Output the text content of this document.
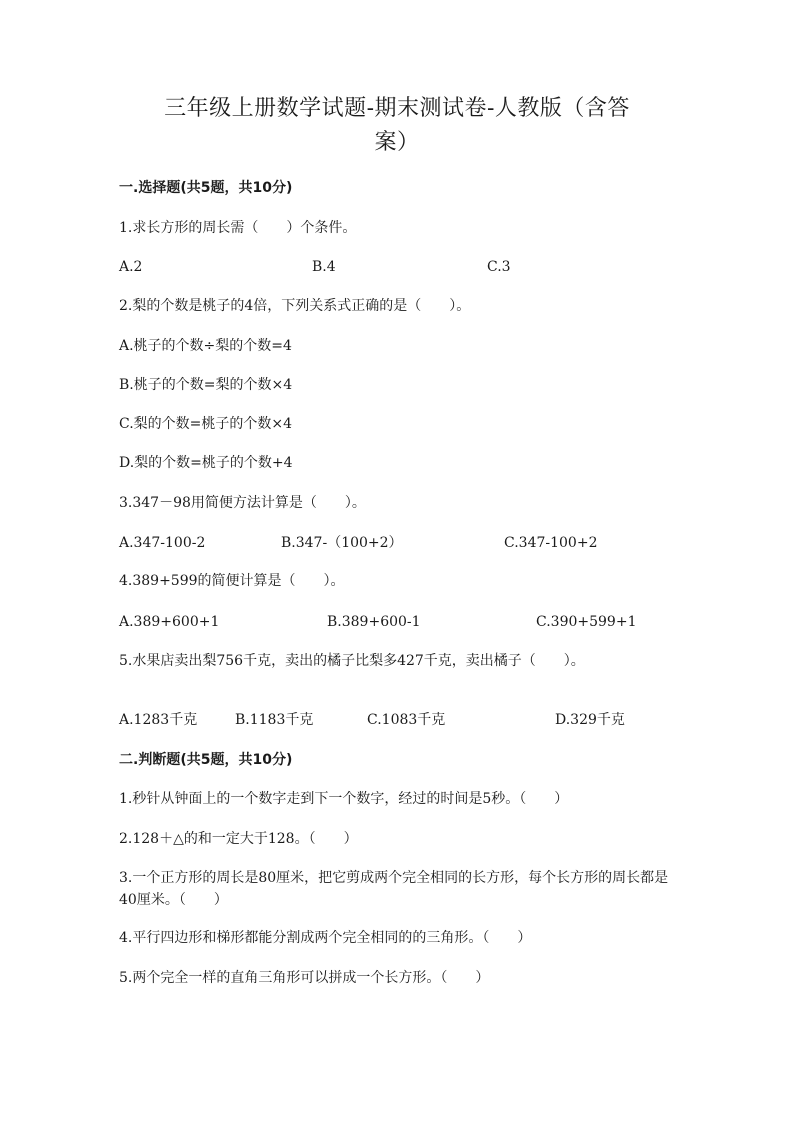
三年级上册数学试题-期末测试卷-人教版（含答
案）
一.选择题(共5题，共10分)
1.求长方形的周长需（　　）个条件。
A.2	B.4	C.3
2.梨的个数是桃子的4倍，下列关系式正确的是（　　）。
A.桃子的个数÷梨的个数=4
B.桃子的个数=梨的个数×4
C.梨的个数=桃子的个数×4
D.梨的个数=桃子的个数+4
3.347－98用简便方法计算是（　　）。
A.347-100-2	B.347-（100+2）	C.347-100+2
4.389+599的简便计算是（　　）。
A.389+600+1	B.389+600-1	C.390+599+1
5.水果店卖出梨756千克，卖出的橘子比梨多427千克，卖出橘子（　　）。
A.1283千克	B.1183千克	C.1083千克	D.329千克
二.判断题(共5题，共10分)
1.秒针从钟面上的一个数字走到下一个数字，经过的时间是5秒。（　　）
2.128＋△的和一定大于128。（　　）
3.一个正方形的周长是80厘米，把它剪成两个完全相同的长方形，每个长方形的周长都是40厘米。（　　）
4.平行四边形和梯形都能分割成两个完全相同的的三角形。（　　）
5.两个完全一样的直角三角形可以拼成一个长方形。（　　）
